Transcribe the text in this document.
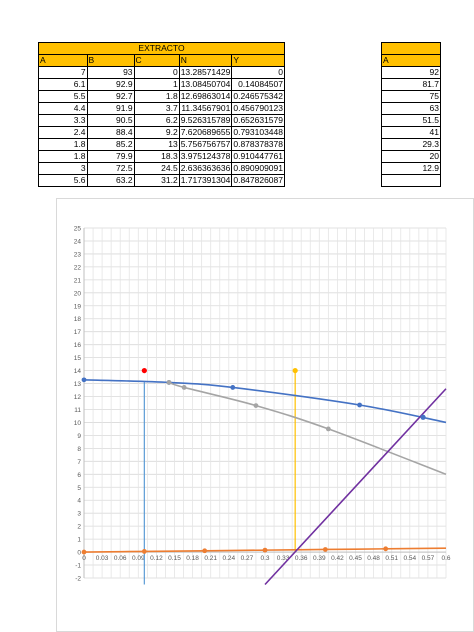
EXTRACTO				
A	B	C	N	Y
7	93	0	13.28571429	0
6.1	92.9	1	13.08450704	0.14084507
5.5	92.7	1.8	12.69863014	0.246575342
4.4	91.9	3.7	11.34567901	0.456790123
3.3	90.5	6.2	9.526315789	0.652631579
2.4	88.4	9.2	7.620689655	0.793103448
1.8	85.2	13	5.756756757	0.878378378
1.8	79.9	18.3	3.975124378	0.910447761
3	72.5	24.5	2.636363636	0.890909091
5.6	63.2	31.2	1.717391304	0.847826087

A
92
81.7
75
63
51.5
41
29.3
20
12.9

-2
-1
0
1
2
3
4
5
6
7
8
9
10
11
12
13
14
15
16
17
18
19
20
21
22
23
24
25
0 0.03 0.06 0.09 0.12 0.15 0.18 0.21 0.24 0.27 0.3 0.33 0.36 0.39 0.42 0.45 0.48 0.51 0.54 0.57 0.6
